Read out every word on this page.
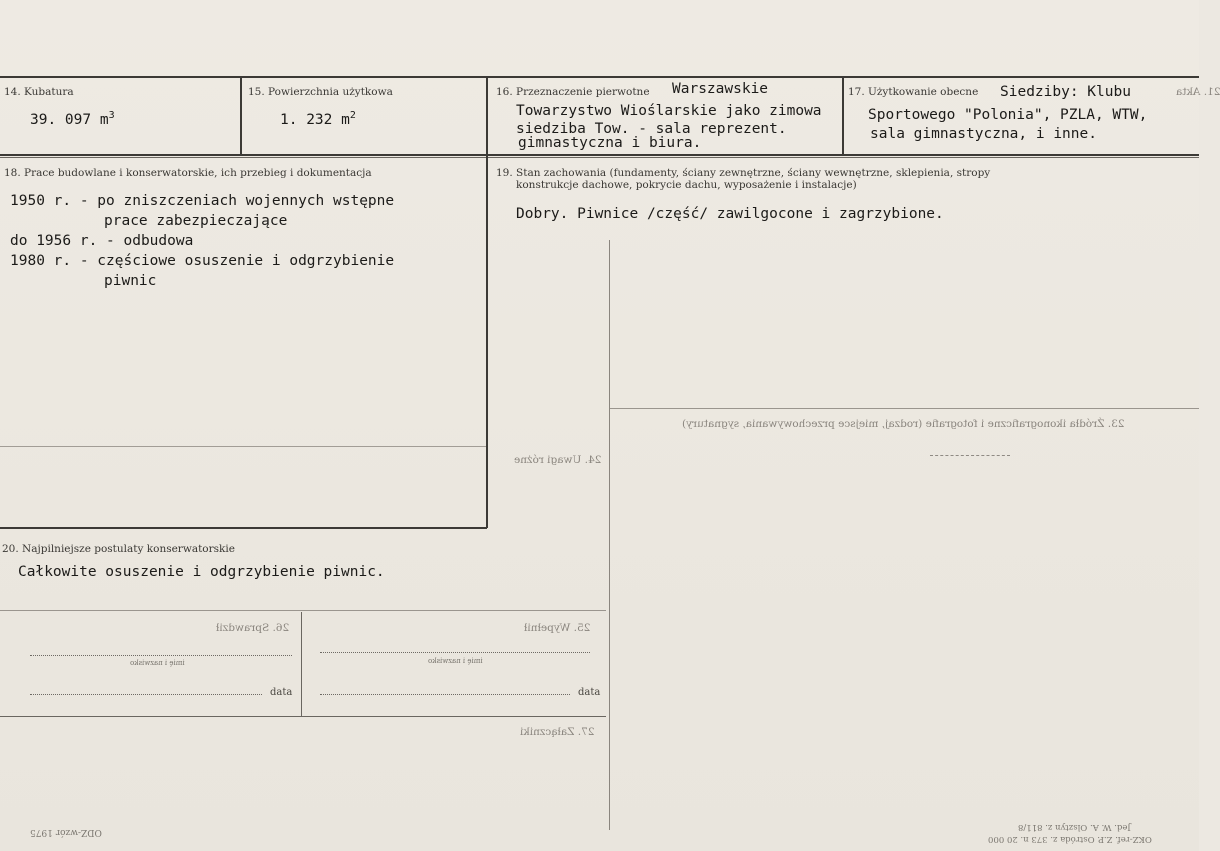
14. Kubatura
39. 097 $m^3$
15. Powierzchnia użytkowa
1. 232 $m^2$
16. Przeznaczenie pierwotne Warszawskie
Towarzystwo Wioślarskie jako zimowa
siedziba Tow. - sala reprezent.
gimnastyczna i biura.
17. Użytkowanie obecne Siedziby: Klubu
Sportowego "Polonia", PZLA, WTW,
sala gimnastyczna, i inne.
21. Akta
18. Prace budowlane i konserwatorskie, ich przebieg i dokumentacja
1950 r. - po zniszczeniach wojennych wstępne
prace zabezpieczające
do 1956 r. - odbudowa
1980 r. - częściowe osuszenie i odgrzybienie
piwnic
19. Stan zachowania (fundamenty, ściany zewnętrzne, ściany wewnętrzne, sklepienia, stropy
konstrukcje dachowe, pokrycie dachu, wyposażenie i instalacje)
Dobry. Piwnice /część/ zawilgocone i zagrzybione.
23. Źródła ikonograficzne i fotografie (rodzaj, miejsce przechowywania, sygnatury)
24. Uwagi różne
20. Najpilniejsze postulaty konserwatorskie
Całkowite osuszenie i odgrzybienie piwnic.
26. Sprawdził	25. Wypełnił
imię i nazwisko	imię i nazwisko
data	data
27. Załączniki
ODZ-wzór 1975	Jed. W. A. Olsztyn z. 811/8
OKZ-ref. Z.P. Ostróda z. 373 n. 20 000
